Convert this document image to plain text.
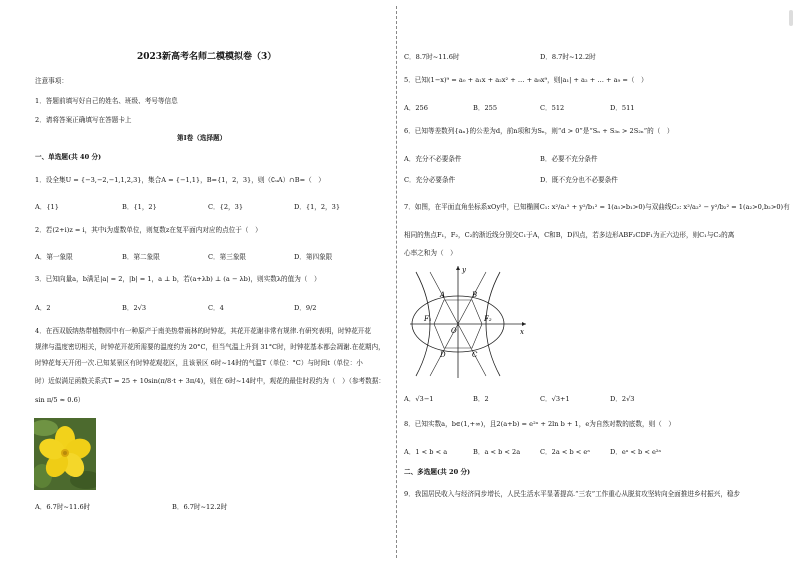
2023新高考名师二模模拟卷（3）
注意事项：
1．答题前填写好自己的姓名、班级、考号等信息
2．请将答案正确填写在答题卡上
第Ⅰ卷（选择题）
一、单选题(共 40 分)
1．设全集U = {−3,−2,−1,1,2,3}，集合A = {−1,1}，B={1，2，3}，则（∁ᵤA）∩B=（　）
A．{1}	B．{1，2}	C．{2，3}	D．{1，2，3}
2．若(2+i)z = i，其中i为虚数单位，则复数z在复平面内对应的点位于（　）
A．第一象限	B．第二象限	C．第三象限	D．第四象限
3．已知向量a，b满足|a| = 2，|b| = 1，a ⊥ b，若(a+λb) ⊥ (a − λb)，则实数λ的值为（　）
A．2	B．2√3	C．4	D．9/2
4．在西双版纳热带植物园中有一种原产于南美热带雨林的时钟花，其花开花谢非常有规律.有研究表明，时钟花开花
规律与温度密切相关，时钟花开花所需要的温度约为 20°C，但当气温上升到 31°C时，时钟花基本都会凋谢.在花期内，
时钟花每天开闭一次.已知某景区有时钟花观花区，且该景区 6时~14时的气温T（单位：°C）与时间t（单位：小
时）近似满足函数关系式T = 25 + 10sin(π/8·t + 3π/4)，则在 6时~14时中，观花的最佳时段约为（　）（参考数据：
sin π/5 ≈ 0.6）
A．6.7时~11.6时	B．6.7时~12.2时
C．8.7时~11.6时	D．8.7时~12.2时
5．已知(1−x)⁹ = a₀ + a₁x + a₂x² + … + a₉x⁹，则|a₁| + a₂ + … + a₉ =（　）
A．256	B．255	C．512	D．511
6．已知等差数列{aₙ}的公差为d，前n项和为Sₙ，则“d > 0”是“Sₙ + S₃ₙ > 2S₂ₙ”的（　）
A．充分不必要条件	B．必要不充分条件
C．充分必要条件	D．既不充分也不必要条件
7．如图，在平面直角坐标系xOy中，已知椭圆C₁: x²/a₁² + y²/b₁² = 1(a₁>b₁>0)与双曲线C₂: x²/a₂² − y²/b₂² = 1(a₂>0,b₂>0)有
相同的焦点F₁，F₂，C₂的渐近线分别交C₁于A，C和B，D四点，若多边形ABF₂CDF₁为正六边形，则C₁与C₂的离
心率之和为（　）
A．√3−1	B．2	C．√3+1	D．2√3
8．已知实数a，b∈(1,+∞)，且2(a+b) = e²ᵃ + 2ln b + 1，e为自然对数的底数，则（　）
A．1 < b < a	B．a < b < 2a	C．2a < b < eᵃ	D．eᵃ < b < e²ᵃ
二、多选题(共 20 分)
9．我国居民收入与经济同步增长，人民生活水平显著提高.“三农”工作重心从脱贫攻坚转向全面推进乡村振兴，稳步
y
x
O
A	B
C
D
F₁	F₂
